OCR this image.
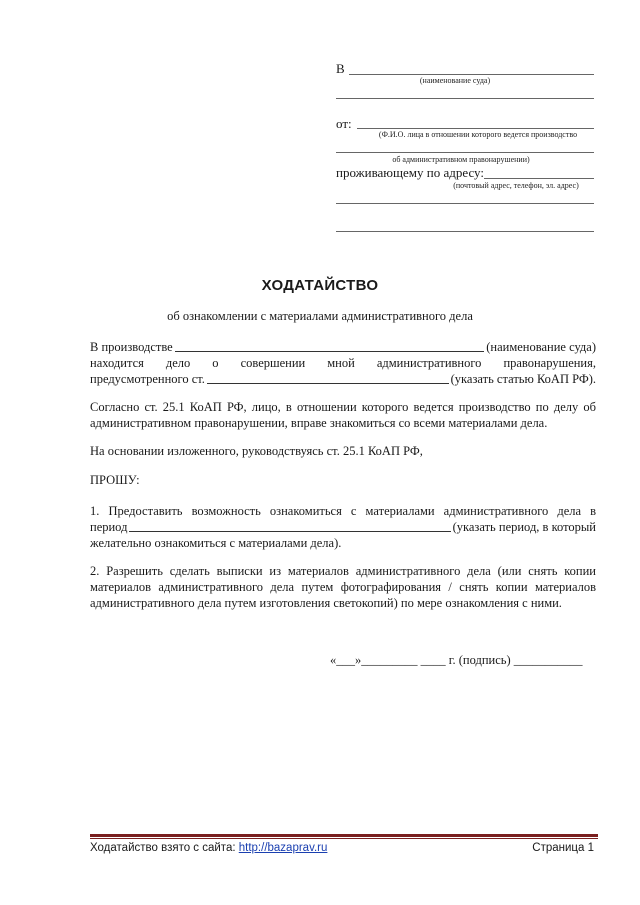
В
(наименование суда)
от:
(Ф.И.О. лица в отношении которого ведется производство
об административном правонарушении)
проживающему по адресу:
(почтовый адрес, телефон, эл. адрес)
ХОДАТАЙСТВО
об ознакомлении с материалами административного дела
В производстве	(наименование суда)
находится дело о совершении мной административного правонарушения,
предусмотренного ст.	(указать статью КоАП РФ).
Согласно ст. 25.1 КоАП РФ, лицо, в отношении которого ведется производство по делу об
административном правонарушении, вправе знакомиться со всеми материалами дела.
На основании изложенного, руководствуясь ст. 25.1 КоАП РФ,
ПРОШУ:
1. Предоставить возможность ознакомиться с материалами административного дела в
период	(указать период, в который
желательно ознакомиться с материалами дела).
2. Разрешить сделать выписки из материалов административного дела (или снять копии
материалов административного дела путем фотографирования / снять копии материалов
административного дела путем изготовления светокопий) по мере ознакомления с ними.
«___»_________ ____ г. (подпись) ___________
Ходатайство взято с сайта: http://bazaprav.ru	Страница 1
